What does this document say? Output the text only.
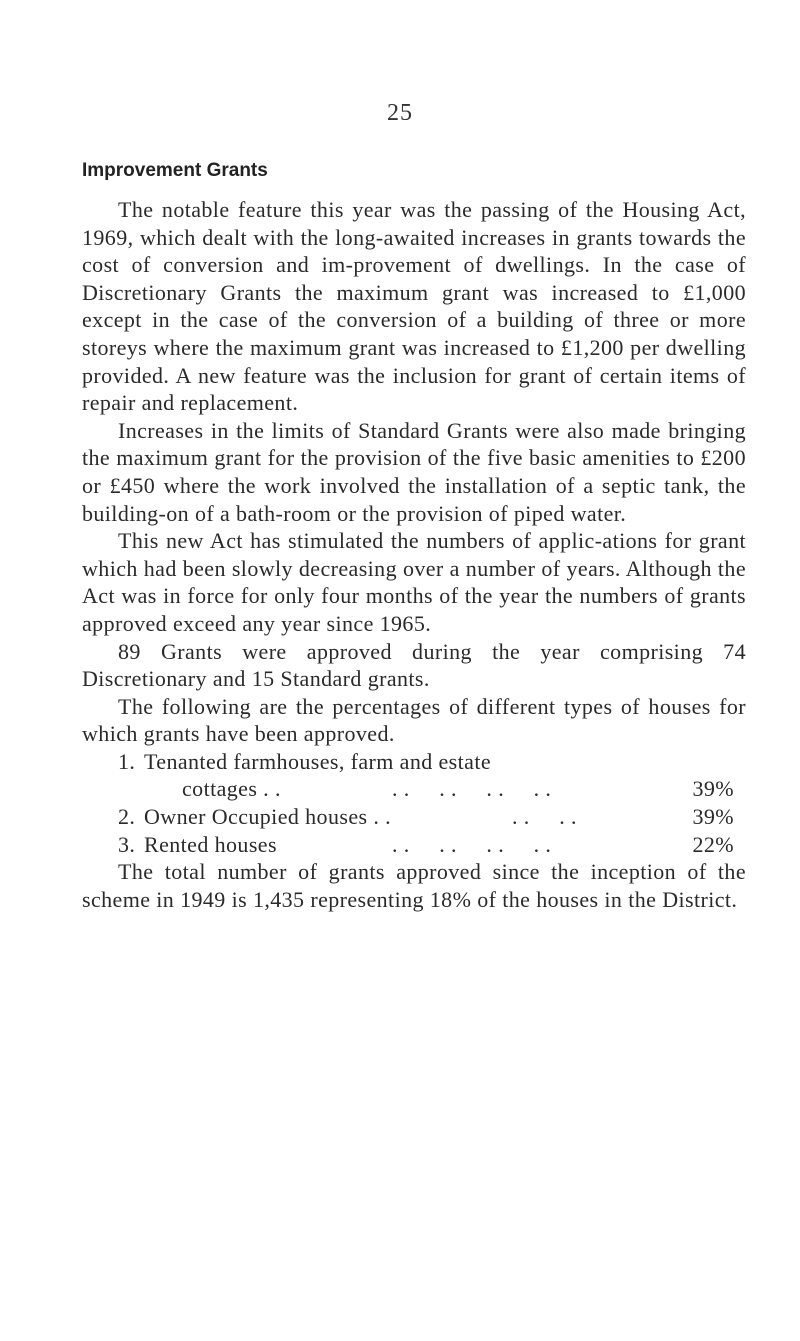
25
Improvement Grants

The notable feature this year was the passing of the Housing Act, 1969, which dealt with the long-awaited increases in grants towards the cost of conversion and im-provement of dwellings. In the case of Discretionary Grants the maximum grant was increased to £1,000 except in the case of the conversion of a building of three or more storeys where the maximum grant was increased to £1,200 per dwelling provided. A new feature was the inclusion for grant of certain items of repair and replacement.

Increases in the limits of Standard Grants were also made bringing the maximum grant for the provision of the five basic amenities to £200 or £450 where the work involved the installation of a septic tank, the building-on of a bath-room or the provision of piped water.

This new Act has stimulated the numbers of applic-ations for grant which had been slowly decreasing over a number of years. Although the Act was in force for only four months of the year the numbers of grants approved exceed any year since 1965.

89 Grants were approved during the year comprising 74 Discretionary and 15 Standard grants.

The following are the percentages of different types of houses for which grants have been approved.

1. Tenanted farmhouses, farm and estate
cottages . .	. .     . .     . .     . .	39%
2. Owner Occupied houses . .	. .     . .	39%
3. Rented houses	. .     . .     . .     . .	22%

The total number of grants approved since the inception of the scheme in 1949 is 1,435 representing 18% of the houses in the District.
